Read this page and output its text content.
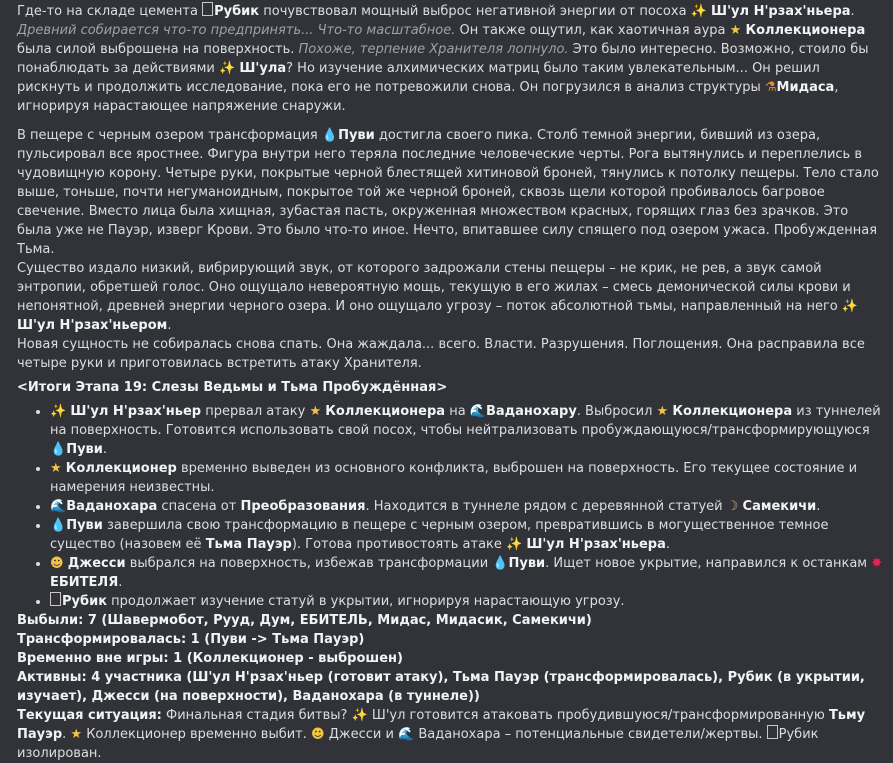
Где-то на складе цемента Рубик почувствовал мощный выброс негативной энергии от посоха ✨ Ш'ул Н'рзах'ньера. Древний собирается что-то предпринять... Что-то масштабное. Он также ощутил, как хаотичная аура ★ Коллекционера была силой выброшена на поверхность. Похоже, терпение Хранителя лопнуло. Это было интересно. Возможно, стоило бы понаблюдать за действиями ✨ Ш'ула? Но изучение алхимических матриц было таким увлекательным... Он решил рискнуть и продолжить исследование, пока его не потревожили снова. Он погрузился в анализ структуры ⚗Мидаса, игнорируя нарастающее напряжение снаружи.

В пещере с черным озером трансформация 💧Пуви достигла своего пика. Столб темной энергии, бивший из озера, пульсировал все яростнее. Фигура внутри него теряла последние человеческие черты. Рога вытянулись и переплелись в чудовищную корону. Четыре руки, покрытые черной блестящей хитиновой броней, тянулись к потолку пещеры. Тело стало выше, тоньше, почти негуманоидным, покрытое той же черной броней, сквозь щели которой пробивалось багровое свечение. Вместо лица была хищная, зубастая пасть, окруженная множеством красных, горящих глаз без зрачков. Это была уже не Пауэр, изверг Крови. Это было что-то иное. Нечто, впитавшее силу спящего под озером ужаса. Пробужденная Тьма.

Существо издало низкий, вибрирующий звук, от которого задрожали стены пещеры – не крик, не рев, а звук самой энтропии, обретшей голос. Оно ощущало невероятную мощь, текущую в его жилах – смесь демонической силы крови и непонятной, древней энергии черного озера. И оно ощущало угрозу – поток абсолютной тьмы, направленный на него ✨ Ш'ул Н'рзах'ньером.

Новая сущность не собиралась снова спать. Она жаждала... всего. Власти. Разрушения. Поглощения. Она расправила все четыре руки и приготовилась встретить атаку Хранителя.

<Итоги Этапа 19: Слезы Ведьмы и Тьма Пробуждённая>

• ✨ Ш'ул Н'рзах'ньер прервал атаку ★ Коллекционера на 🌊Ваданохару. Выбросил ★ Коллекционера из туннелей на поверхность. Готовится использовать свой посох, чтобы нейтрализовать пробуждающуюся/трансформирующуюся 💧Пуви.
• ★ Коллекционер временно выведен из основного конфликта, выброшен на поверхность. Его текущее состояние и намерения неизвестны.
• 🌊Ваданохара спасена от Преобразования. Находится в туннеле рядом с деревянной статуей ☽ Самекичи.
• 💧Пуви завершила свою трансформацию в пещере с черным озером, превратившись в могущественное темное существо (назовем её Тьма Пауэр). Готова противостоять атаке ✨ Ш'ул Н'рзах'ньера.
• ☻ Джесси выбрался на поверхность, избежав трансформации 💧Пуви. Ищет новое укрытие, направился к останкам ✸ ЕБИТЕЛЯ.
• Рубик продолжает изучение статуй в укрытии, игнорируя нарастающую угрозу.

Выбыли: 7 (Шавермобот, Рууд, Дум, ЕБИТЕЛЬ, Мидас, Мидасик, Самекичи)

Трансформировалась: 1 (Пуви -> Тьма Пауэр)

Временно вне игры: 1 (Коллекционер - выброшен)

Активны: 4 участника (Ш'ул Н'рзах'ньер (готовит атаку), Тьма Пауэр (трансформировалась), Рубик (в укрытии, изучает), Джесси (на поверхности), Ваданохара (в туннеле))

Текущая ситуация: Финальная стадия битвы? ✨ Ш'ул готовится атаковать пробудившуюся/трансформированную Тьму Пауэр. ★ Коллекционер временно выбит. ☻ Джесси и 🌊 Ваданохара – потенциальные свидетели/жертвы. Рубик изолирован.
